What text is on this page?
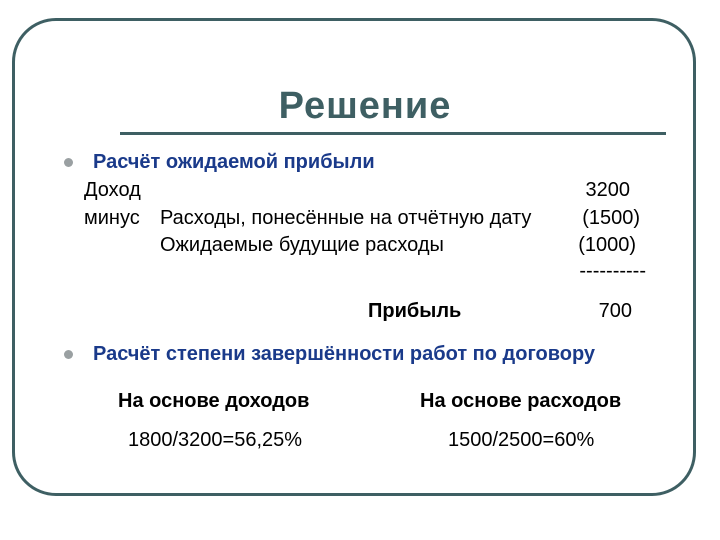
Решение
Расчёт ожидаемой прибыли
Доход	3200
минус Расходы, понесённые на отчётную дату	(1500)
Ожидаемые будущие расходы	(1000)
----------
Прибыль	700
Расчёт степени завершённости работ по договору
На основе доходов	На основе расходов
1800/3200=56,25%	1500/2500=60%
